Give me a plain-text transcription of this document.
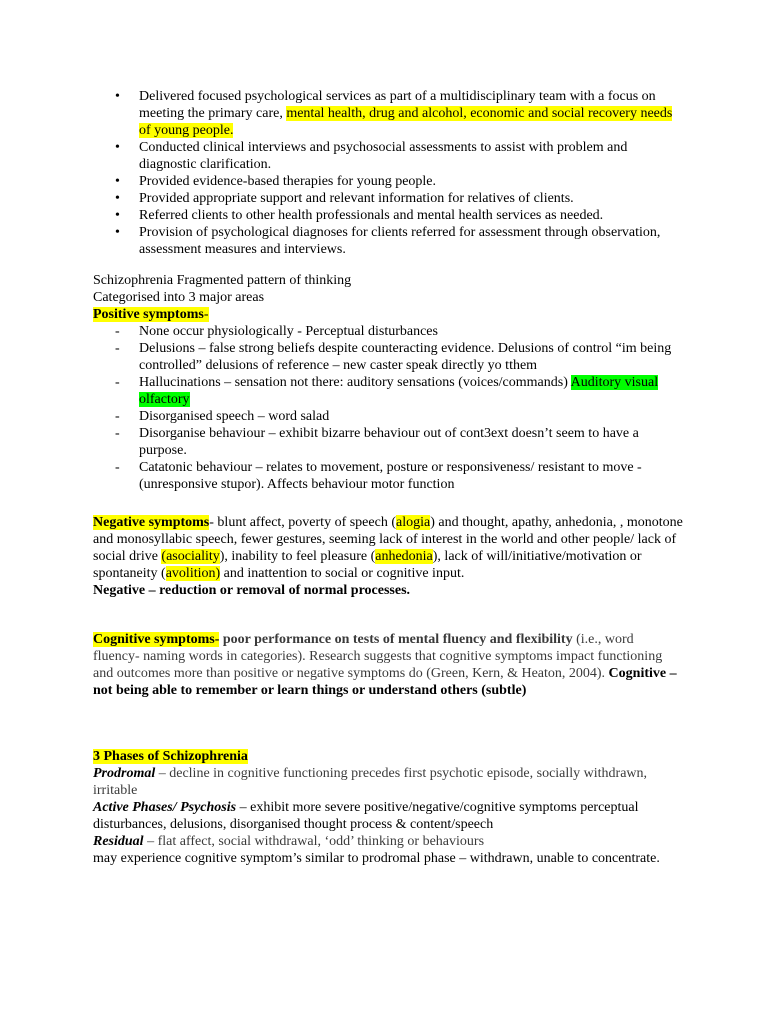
• Delivered focused psychological services as part of a multidisciplinary team with a focus on meeting the primary care, mental health, drug and alcohol, economic and social recovery needs of young people.
• Conducted clinical interviews and psychosocial assessments to assist with problem and diagnostic clarification.
• Provided evidence-based therapies for young people.
• Provided appropriate support and relevant information for relatives of clients.
• Referred clients to other health professionals and mental health services as needed.
• Provision of psychological diagnoses for clients referred for assessment through observation, assessment measures and interviews.

Schizophrenia Fragmented pattern of thinking

Categorised into 3 major areas

Positive symptoms-

- None occur physiologically - Perceptual disturbances
- Delusions – false strong beliefs despite counteracting evidence. Delusions of control “im being controlled” delusions of reference – new caster speak directly yo tthem
- Hallucinations – sensation not there: auditory sensations (voices/commands) Auditory visual olfactory
- Disorganised speech – word salad
- Disorganise behaviour – exhibit bizarre behaviour out of cont3ext doesn’t seem to have a purpose.
- Catatonic behaviour – relates to movement, posture or responsiveness/ resistant to move - (unresponsive stupor). Affects behaviour motor function

Negative symptoms- blunt affect, poverty of speech (alogia) and thought, apathy, anhedonia, , monotone and monosyllabic speech, fewer gestures, seeming lack of interest in the world and other people/ lack of social drive (asociality), inability to feel pleasure (anhedonia), lack of will/initiative/motivation or spontaneity (avolition) and inattention to social or cognitive input.

Negative – reduction or removal of normal processes.

Cognitive symptoms- poor performance on tests of mental fluency and flexibility (i.e., word fluency- naming words in categories). Research suggests that cognitive symptoms impact functioning and outcomes more than positive or negative symptoms do (Green, Kern, & Heaton, 2004). Cognitive – not being able to remember or learn things or understand others (subtle)

3 Phases of Schizophrenia

Prodromal – decline in cognitive functioning precedes first psychotic episode, socially withdrawn, irritable

Active Phases/ Psychosis – exhibit more severe positive/negative/cognitive symptoms perceptual disturbances, delusions, disorganised thought process & content/speech

Residual – flat affect, social withdrawal, ‘odd’ thinking or behaviours

may experience cognitive symptom’s similar to prodromal phase – withdrawn, unable to concentrate.
